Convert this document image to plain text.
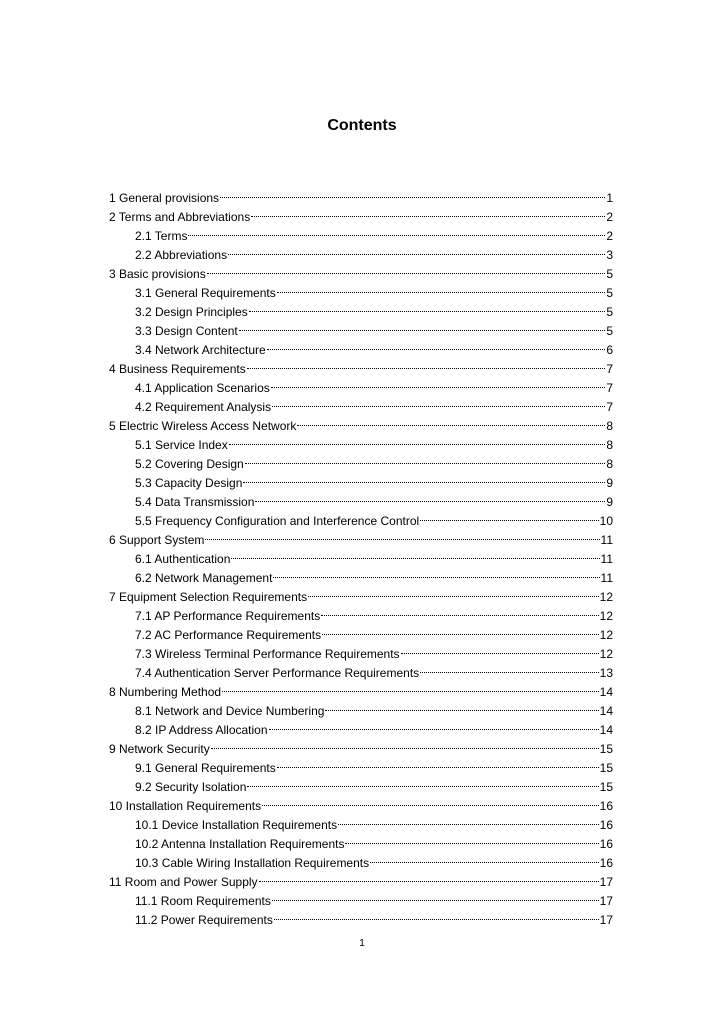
Contents
1 General provisions	1
2 Terms and Abbreviations	2
2.1 Terms	2
2.2 Abbreviations	3
3 Basic provisions	5
3.1 General Requirements	5
3.2 Design Principles	5
3.3 Design Content	5
3.4 Network Architecture	6
4 Business Requirements	7
4.1 Application Scenarios	7
4.2 Requirement Analysis	7
5 Electric Wireless Access Network	8
5.1 Service Index	8
5.2 Covering Design	8
5.3 Capacity Design	9
5.4 Data Transmission	9
5.5 Frequency Configuration and Interference Control	10
6 Support System	11
6.1 Authentication	11
6.2 Network Management	11
7 Equipment Selection Requirements	12
7.1 AP Performance Requirements	12
7.2 AC Performance Requirements	12
7.3 Wireless Terminal Performance Requirements	12
7.4 Authentication Server Performance Requirements	13
8 Numbering Method	14
8.1 Network and Device Numbering	14
8.2 IP Address Allocation	14
9 Network Security	15
9.1 General Requirements	15
9.2 Security Isolation	15
10 Installation Requirements	16
10.1 Device Installation Requirements	16
10.2 Antenna Installation Requirements	16
10.3 Cable Wiring Installation Requirements	16
11 Room and Power Supply	17
11.1 Room Requirements	17
11.2 Power Requirements	17
1
